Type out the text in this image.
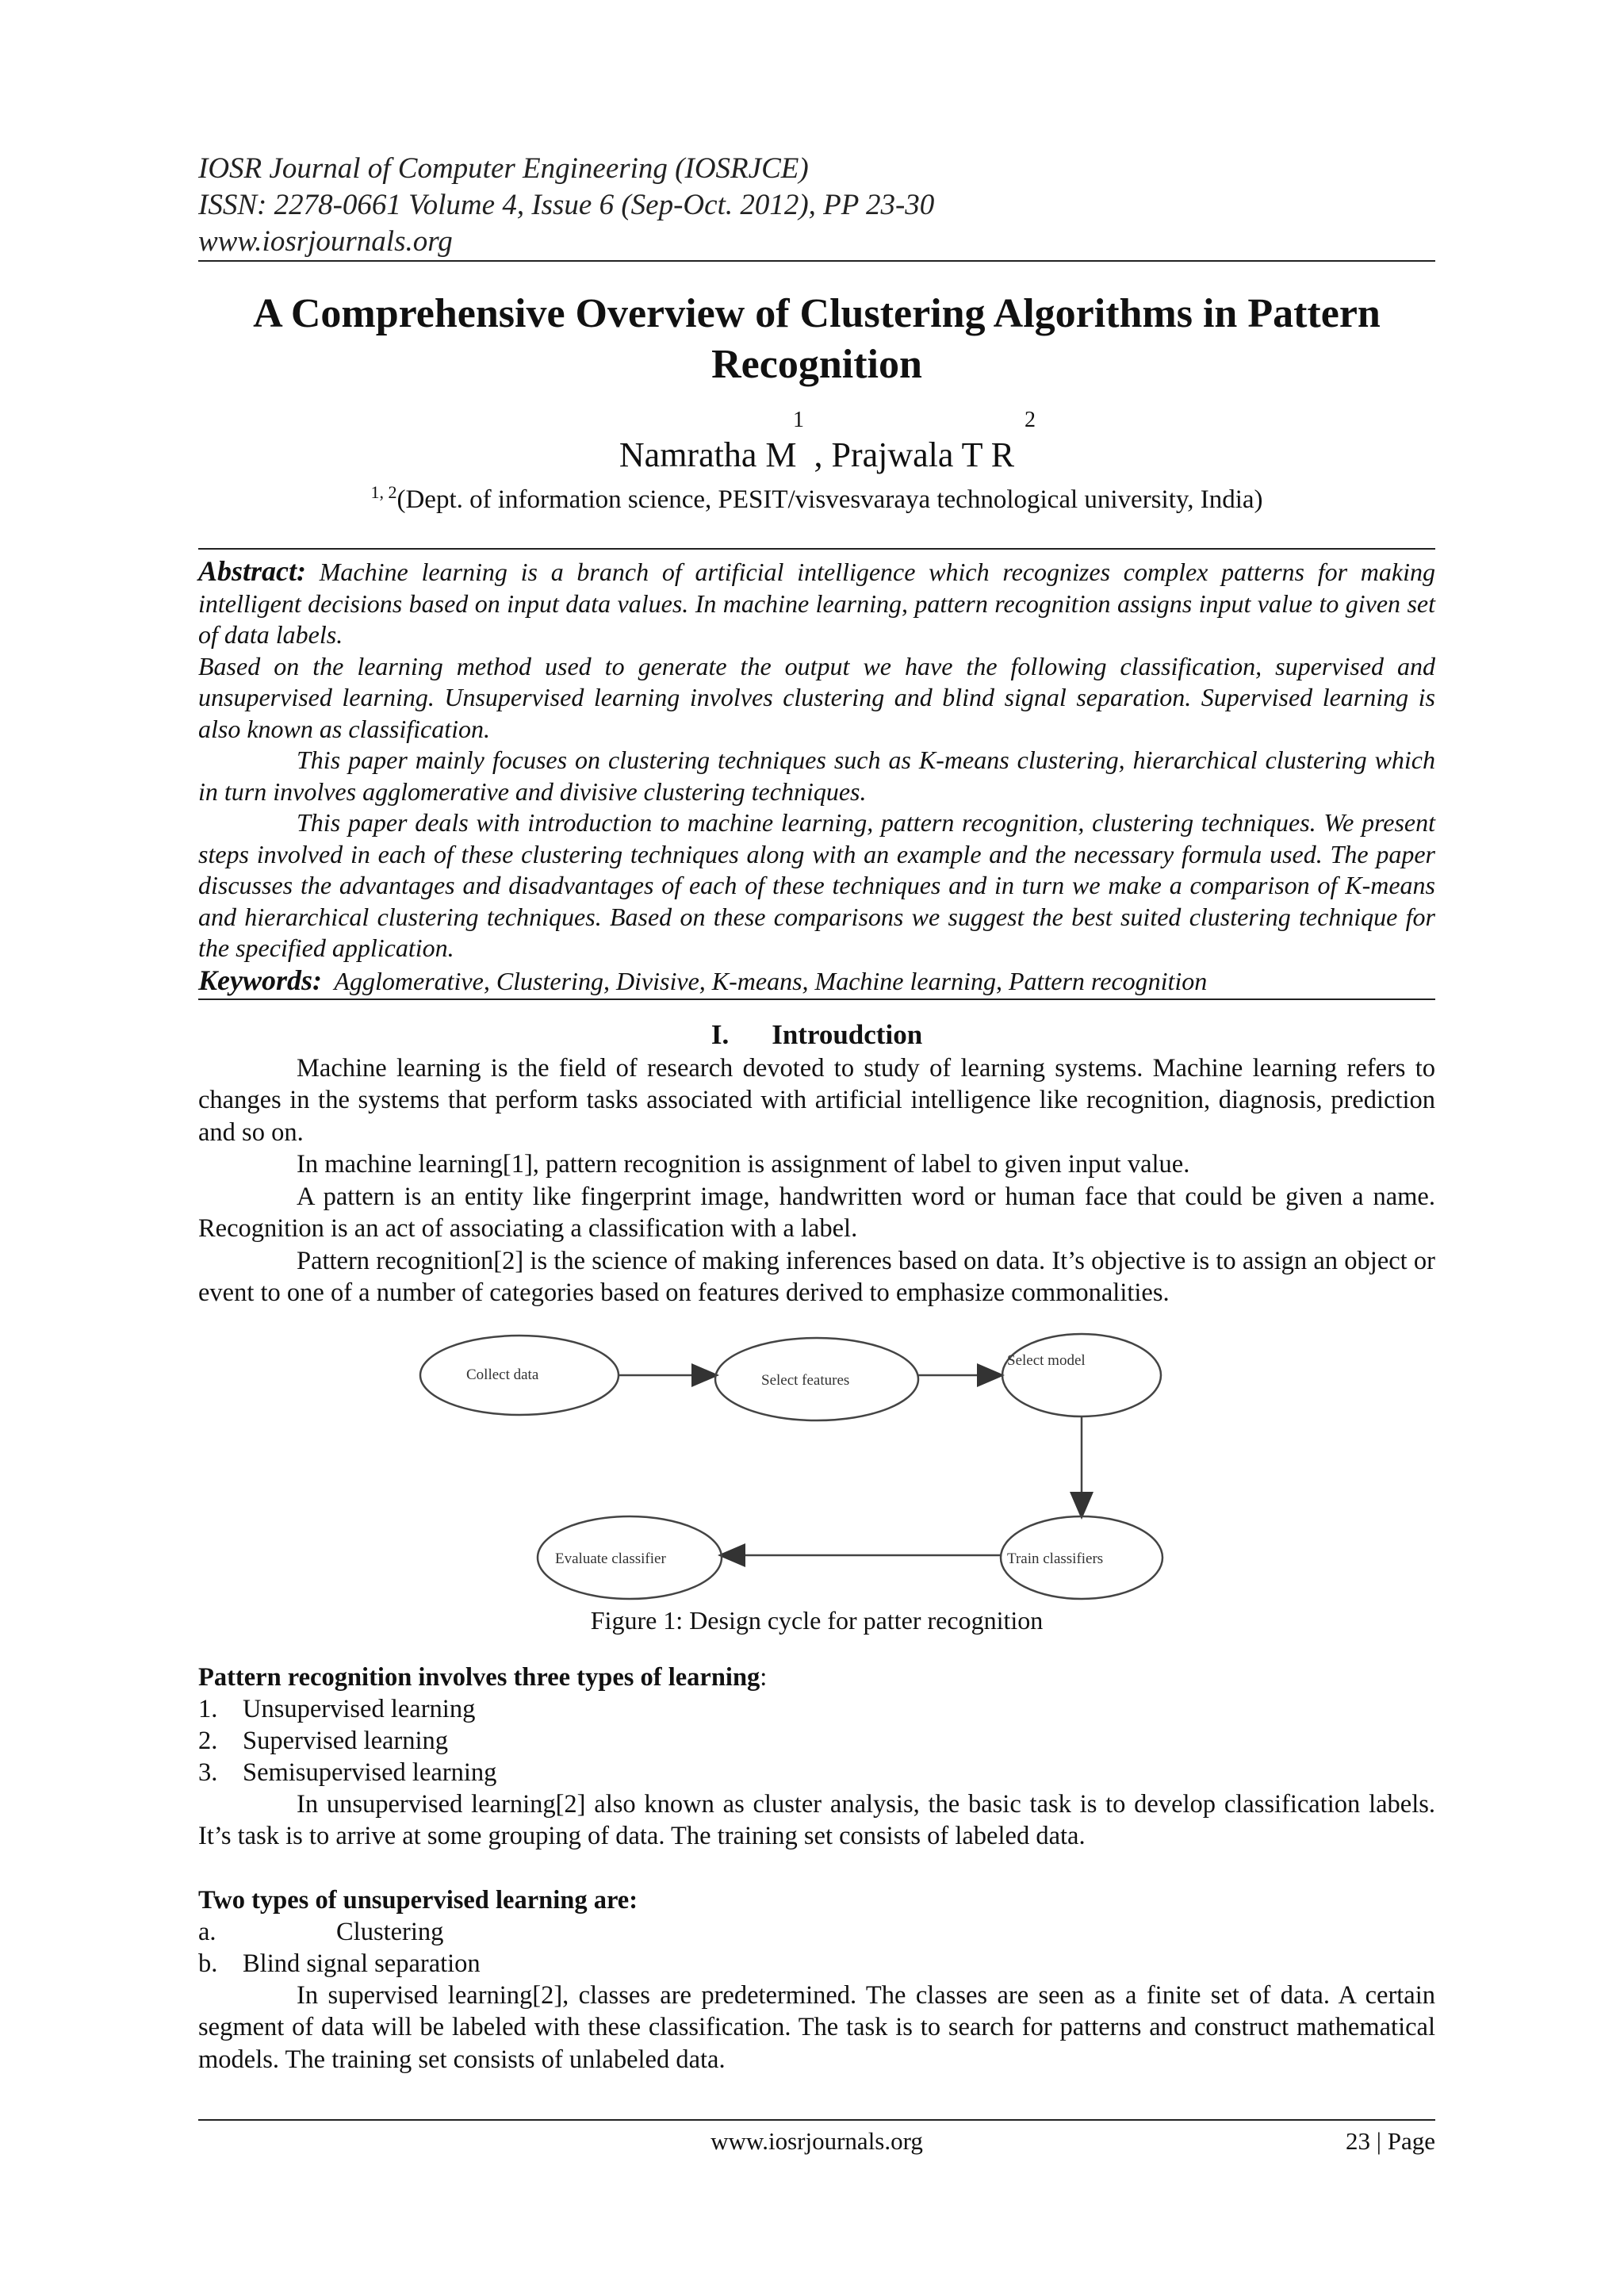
IOSR Journal of Computer Engineering (IOSRJCE)
ISSN: 2278-0661 Volume 4, Issue 6 (Sep-Oct. 2012), PP 23-30
www.iosrjournals.org
A Comprehensive Overview of Clustering Algorithms in Pattern
Recognition
1	2
Namratha M  , Prajwala T R
$^{1, 2}$(Dept. of information science, PESIT/visvesvaraya technological university, India)

Abstract: Machine learning is a branch of artificial intelligence which recognizes complex patterns for making intelligent decisions based on input data values. In machine learning, pattern recognition assigns input value to given set of data labels.

Based on the learning method used to generate the output we have the following classification, supervised and unsupervised learning. Unsupervised learning involves clustering and blind signal separation. Supervised learning is also known as classification.

This paper mainly focuses on clustering techniques such as K-means clustering, hierarchical clustering which in turn involves agglomerative and divisive clustering techniques.

This paper deals with introduction to machine learning, pattern recognition, clustering techniques. We present steps involved in each of these clustering techniques along with an example and the necessary formula used. The paper discusses the advantages and disadvantages of each of these techniques and in turn we make a comparison of K-means and hierarchical clustering techniques. Based on these comparisons we suggest the best suited clustering technique for the specified application.

Keywords:  Agglomerative, Clustering, Divisive, K-means, Machine learning, Pattern recognition
I. Introudction

Machine learning is the field of research devoted to study of learning systems. Machine learning refers to changes in the systems that perform tasks associated with artificial intelligence like recognition, diagnosis, prediction and so on.

In machine learning[1], pattern recognition is assignment of label to given input value.

A pattern is an entity like fingerprint image, handwritten word or human face that could be given a name. Recognition is an act of associating a classification with a label.

Pattern recognition[2] is the science of making inferences based on data. It’s objective is to assign an object or event to one of a number of categories based on features derived to emphasize commonalities.

Collect data	Select features
Select model
Train classifiers
Evaluate classifier
Figure 1: Design cycle for patter recognition
Pattern recognition involves three types of learning:
1. Unsupervised learning
2. Supervised learning
3. Semisupervised learning

In unsupervised learning[2] also known as cluster analysis, the basic task is to develop classification labels. It’s task is to arrive at some grouping of data. The training set consists of labeled data.

Two types of unsupervised learning are:
a.	Clustering
b. Blind signal separation

In supervised learning[2], classes are predetermined. The classes are seen as a finite set of data. A certain segment of data will be labeled with these classification. The task is to search for patterns and construct mathematical models. The training set consists of unlabeled data.

www.iosrjournals.org	23 | Page
